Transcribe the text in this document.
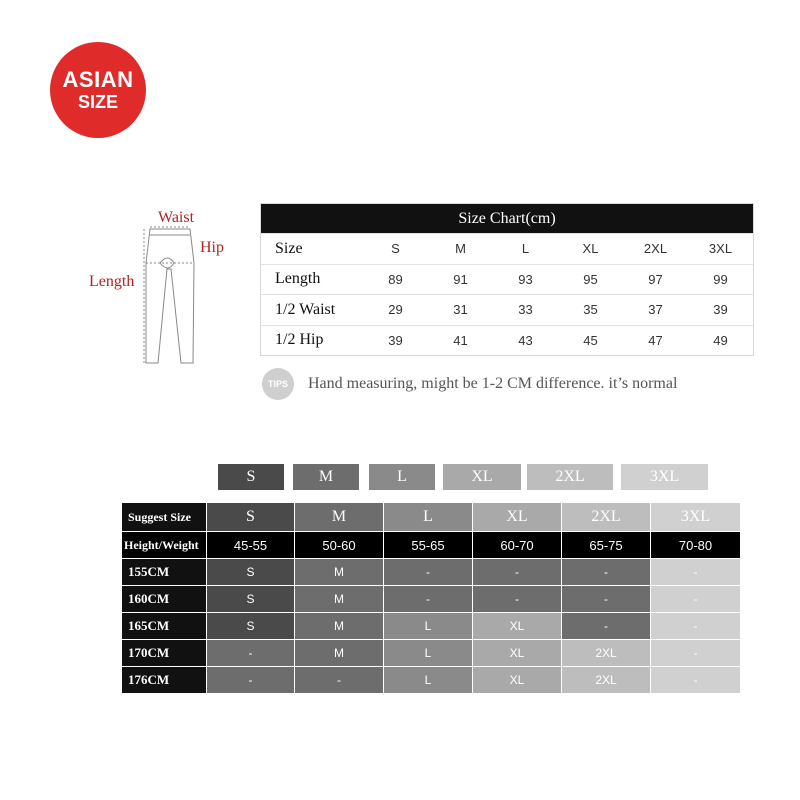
ASIAN
SIZE
Waist
Hip
Length
Size Chart(cm)
Size	S	M	L	XL	2XL	3XL
Length	89	91	93	95	97	99
1/2 Waist	29	31	33	35	37	39
1/2 Hip	39	41	43	45	47	49
TIPS	Hand measuring, might be 1-2 CM difference. it’s normal
S	M	L	XL	2XL	3XL
Suggest Size	S	M	L	XL	2XL	3XL
Height/Weight	45-55	50-60	55-65	60-70	65-75	70-80
155CM	S	M	-	-	-	-
160CM	S	M	-	-	-	-
165CM	S	M	L	XL	-	-
170CM	-	M	L	XL	2XL	-
176CM	-	-	L	XL	2XL	-
